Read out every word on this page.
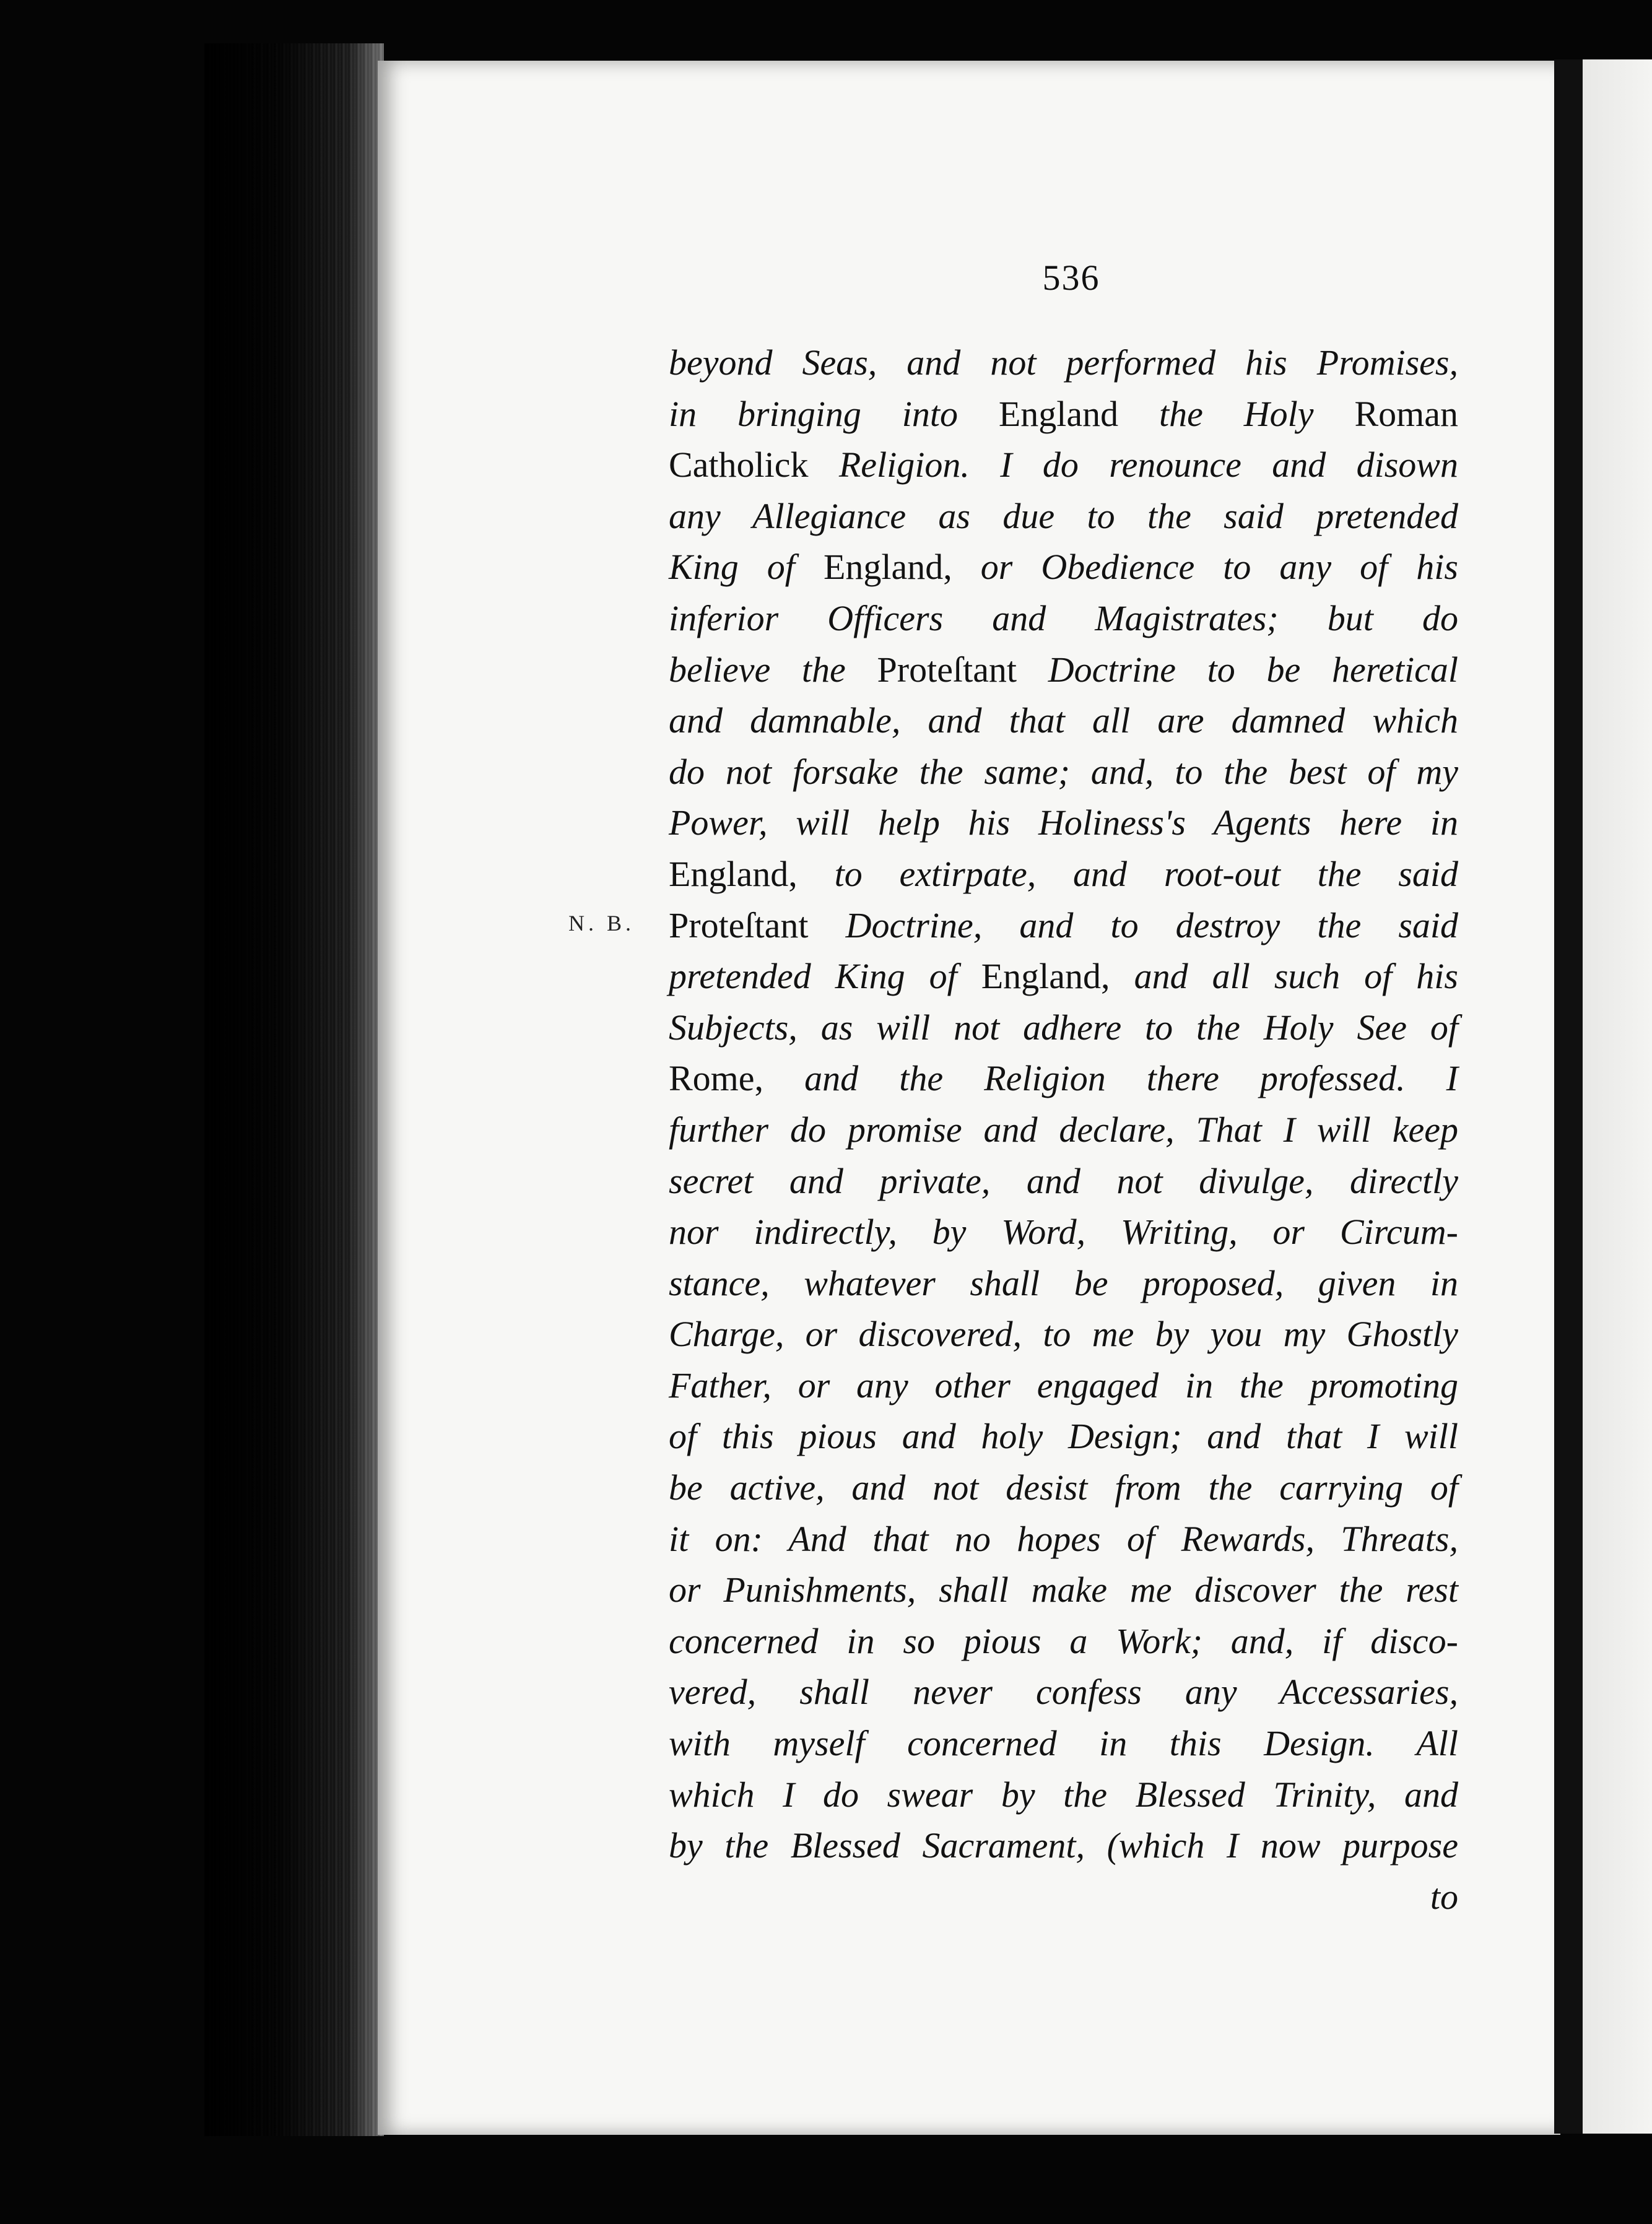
536
N. B.
beyond Seas, and not performed his Promises,
in bringing into England the Holy Roman
Catholick Religion. I do renounce and disown
any Allegiance as due to the said pretended
King of England, or Obedience to any of his
inferior Officers and Magistrates; but do
believe the Proteſtant Doctrine to be heretical
and damnable, and that all are damned which
do not forsake the same; and, to the best of my
Power, will help his Holiness's Agents here in
England, to extirpate, and root-out the said
Proteſtant Doctrine, and to destroy the said
pretended King of England, and all such of his
Subjects, as will not adhere to the Holy See of
Rome, and the Religion there professed. I
further do promise and declare, That I will keep
secret and private, and not divulge, directly
nor indirectly, by Word, Writing, or Circum-
stance, whatever shall be proposed, given in
Charge, or discovered, to me by you my Ghostly
Father, or any other engaged in the promoting
of this pious and holy Design; and that I will
be active, and not desist from the carrying of
it on: And that no hopes of Rewards, Threats,
or Punishments, shall make me discover the rest
concerned in so pious a Work; and, if disco-
vered, shall never confess any Accessaries,
with myself concerned in this Design. All
which I do swear by the Blessed Trinity, and
by the Blessed Sacrament, (which I now purpose
to
